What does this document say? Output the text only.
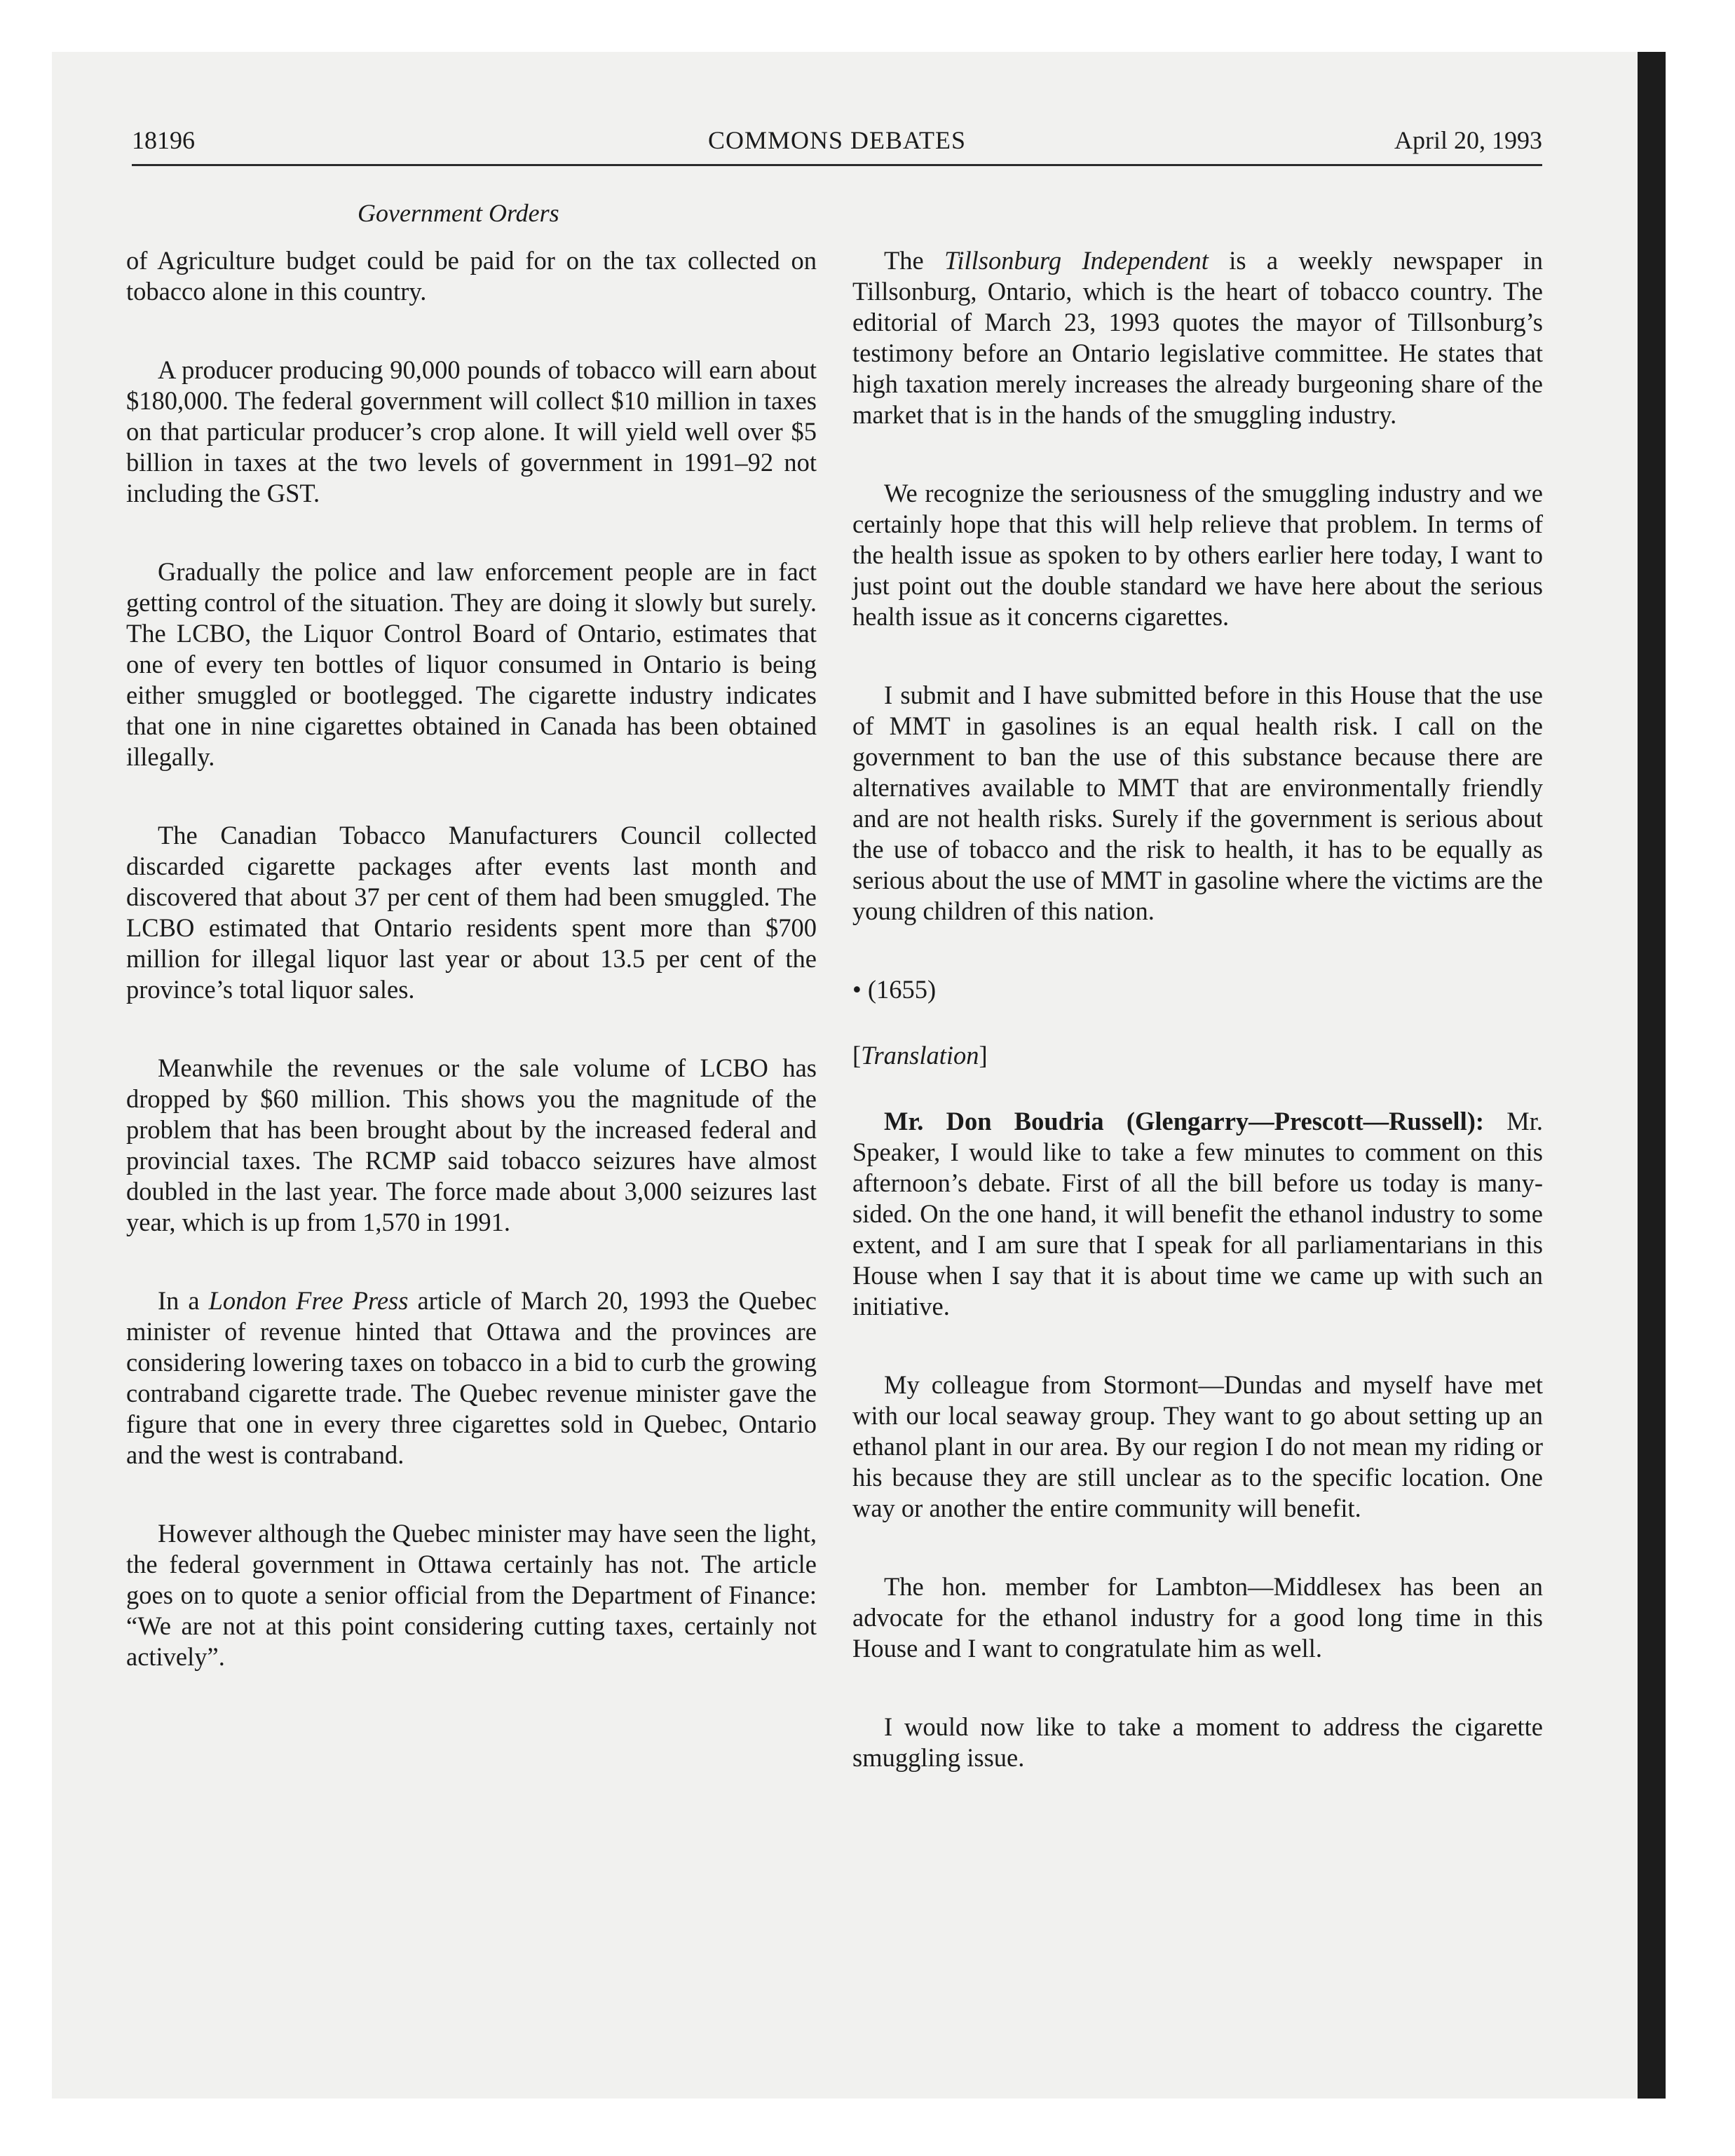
18196	COMMONS DEBATES	April 20, 1993
Government Orders

of Agriculture budget could be paid for on the tax collected on tobacco alone in this country.

A producer producing 90,000 pounds of tobacco will earn about $180,000. The federal government will collect $10 million in taxes on that particular producer’s crop alone. It will yield well over $5 billion in taxes at the two levels of government in 1991–92 not including the GST.

Gradually the police and law enforcement people are in fact getting control of the situation. They are doing it slowly but surely. The LCBO, the Liquor Control Board of Ontario, estimates that one of every ten bottles of liquor consumed in Ontario is being either smuggled or bootlegged. The cigarette industry indicates that one in nine cigarettes obtained in Canada has been obtained illegally.

The Canadian Tobacco Manufacturers Council collected discarded cigarette packages after events last month and discovered that about 37 per cent of them had been smuggled. The LCBO estimated that Ontario residents spent more than $700 million for illegal liquor last year or about 13.5 per cent of the province’s total liquor sales.

Meanwhile the revenues or the sale volume of LCBO has dropped by $60 million. This shows you the magnitude of the problem that has been brought about by the increased federal and provincial taxes. The RCMP said tobacco seizures have almost doubled in the last year. The force made about 3,000 seizures last year, which is up from 1,570 in 1991.

In a London Free Press article of March 20, 1993 the Quebec minister of revenue hinted that Ottawa and the provinces are considering lowering taxes on tobacco in a bid to curb the growing contraband cigarette trade. The Quebec revenue minister gave the figure that one in every three cigarettes sold in Quebec, Ontario and the west is contraband.

However although the Quebec minister may have seen the light, the federal government in Ottawa certainly has not. The article goes on to quote a senior official from the Department of Finance: “We are not at this point considering cutting taxes, certainly not actively”.

The Tillsonburg Independent is a weekly newspaper in Tillsonburg, Ontario, which is the heart of tobacco country. The editorial of March 23, 1993 quotes the mayor of Tillsonburg’s testimony before an Ontario legislative committee. He states that high taxation merely increases the already burgeoning share of the market that is in the hands of the smuggling industry.

We recognize the seriousness of the smuggling industry and we certainly hope that this will help relieve that problem. In terms of the health issue as spoken to by others earlier here today, I want to just point out the double standard we have here about the serious health issue as it concerns cigarettes.

I submit and I have submitted before in this House that the use of MMT in gasolines is an equal health risk. I call on the government to ban the use of this substance because there are alternatives available to MMT that are environmentally friendly and are not health risks. Surely if the government is serious about the use of tobacco and the risk to health, it has to be equally as serious about the use of MMT in gasoline where the victims are the young children of this nation.

• (1655)

[Translation]

Mr. Don Boudria (Glengarry—Prescott—Russell): Mr. Speaker, I would like to take a few minutes to comment on this afternoon’s debate. First of all the bill before us today is many-sided. On the one hand, it will benefit the ethanol industry to some extent, and I am sure that I speak for all parliamentarians in this House when I say that it is about time we came up with such an initiative.

My colleague from Stormont—Dundas and myself have met with our local seaway group. They want to go about setting up an ethanol plant in our area. By our region I do not mean my riding or his because they are still unclear as to the specific location. One way or another the entire community will benefit.

The hon. member for Lambton—Middlesex has been an advocate for the ethanol industry for a good long time in this House and I want to congratulate him as well.

I would now like to take a moment to address the cigarette smuggling issue.
